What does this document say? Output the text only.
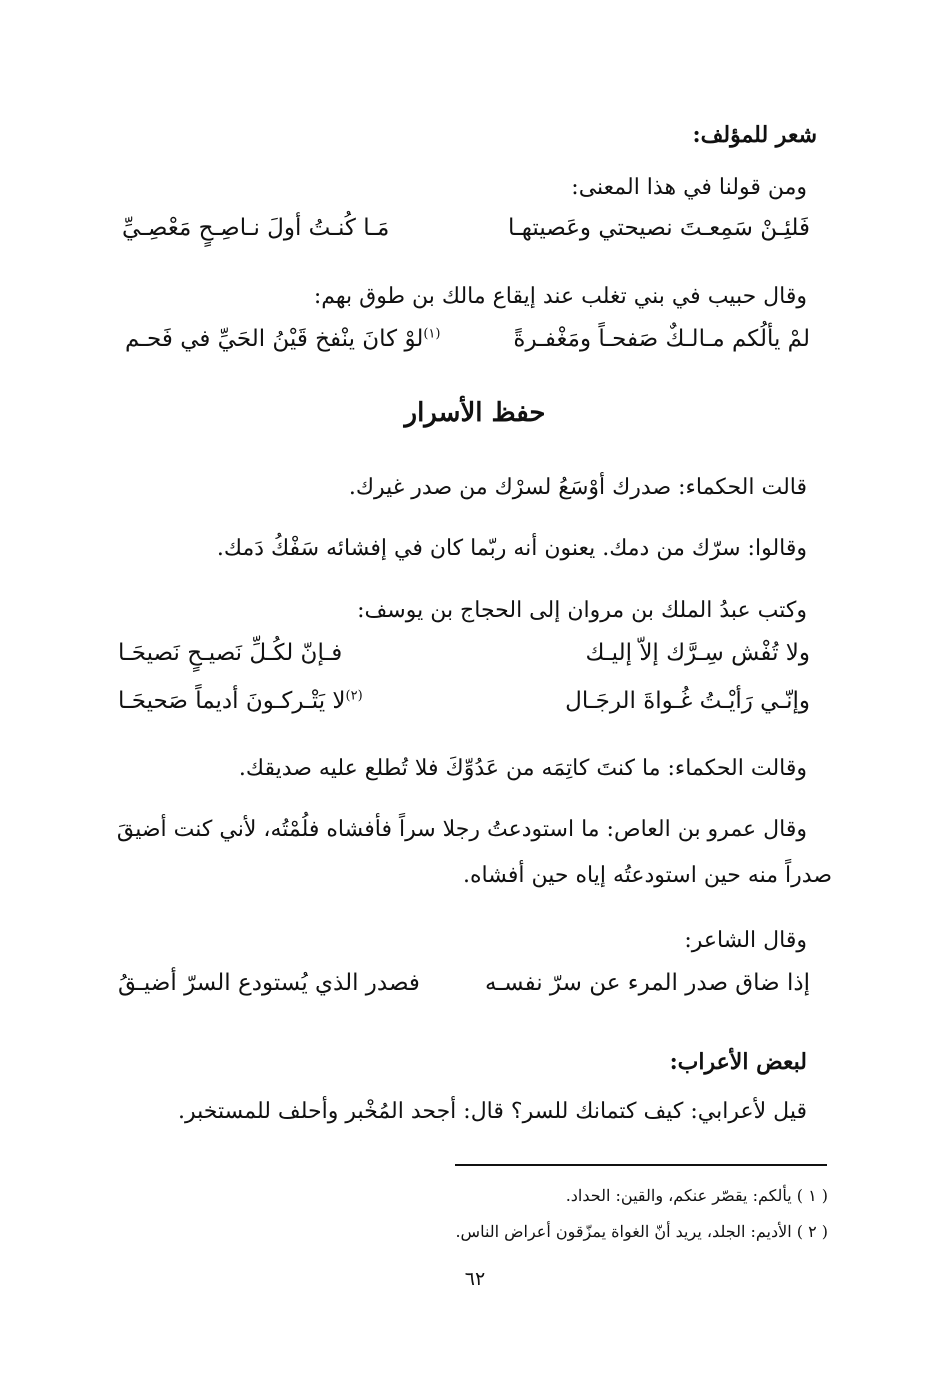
شعر للمؤلف:
ومن قولنا في هذا المعنى:
فَلئِـنْ سَمِعـتَ نصيحتي وعَصيتهـا
مَـا كُنـتُ أولَ نـاصِـحٍ مَعْصِـيِّ
وقال حبيب في بني تغلب عند إيقاع مالك بن طوق بهم:
لمْ يألُكم مـالـكٌ صَفحـاً ومَغْفـرةً
$^{(١)}$لوْ كانَ ينْفخ قَيْنُ الحَيِّ في فَحـم
حفظ الأسرار
قالت الحكماء: صدرك أوْسَعُ لسرْك من صدر غيرك.
وقالوا: سرّك من دمك. يعنون أنه ربّما كان في إفشائه سَفْكُ دَمك.
وكتب عبدُ الملك بن مروان إلى الحجاج بن يوسف:
ولا تُفْش سِـرَّك إلاّ إليـك
فـإنّ لكُـلِّ نَصيـحٍ نَصيحَـا
وإنّـي رَأيْـتُ غُـواةَ الرجَـال
$^{(٢)}$لا يَتْـركـونَ أديماً صَحيحَـا
وقالت الحكماء: ما كنتَ كاتِمَه من عَدُوِّكَ فلا تُطلع عليه صديقك.
وقال عمرو بن العاص: ما استودعتُ رجلا سراً فأفشاه فلُمْتُه، لأني كنت أضيقَ
صدراً منه حين استودعتُه إياه حين أفشاه.
وقال الشاعر:
إذا ضاق صدر المرء عن سرّ نفسـه
فصدر الذي يُستودع السرّ أضيـقُ
لبعض الأعراب:
قيل لأعرابي: كيف كتمانك للسر؟ قال: أجحد المُخْبر وأحلف للمستخبر.
( ١ ) يألكم: يقصّر عنكم، والقين: الحداد.
( ٢ ) الأديم: الجلد، يريد أنّ الغواة يمزّقون أعراض الناس.
٦٢
